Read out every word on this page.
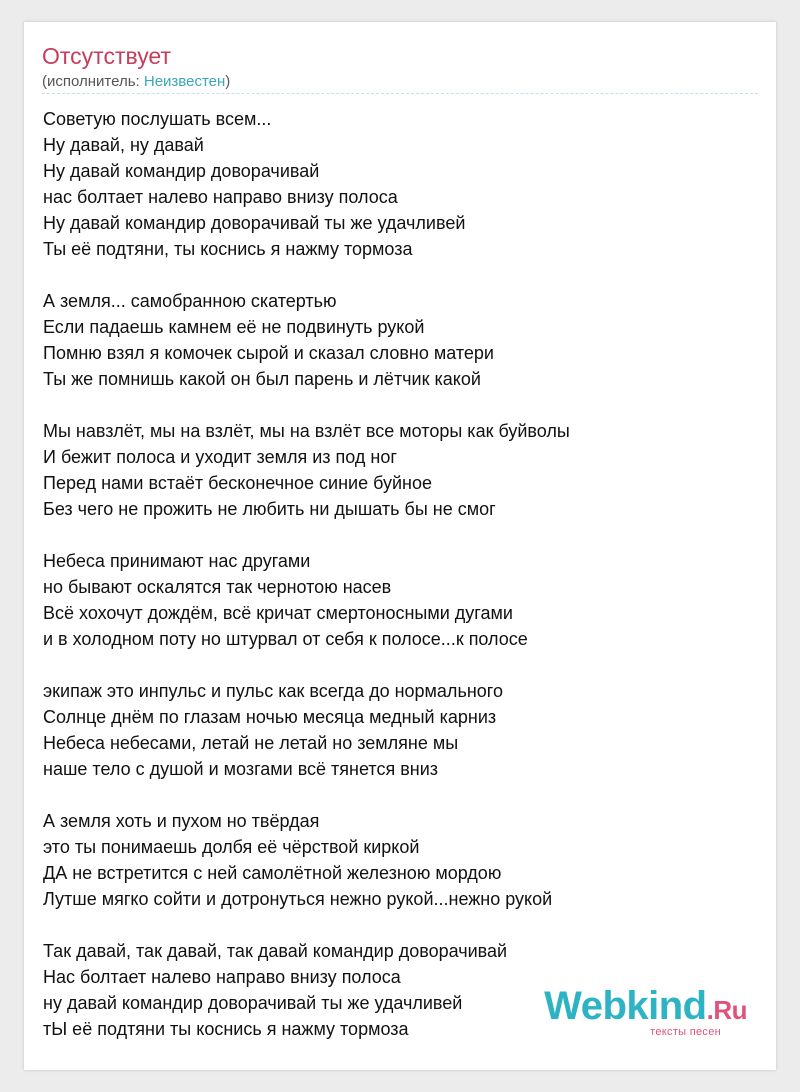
Отсутствует
(исполнитель: Неизвестен)
Советую послушать всем...
Ну давай, ну давай
Ну давай командир доворачивай
нас болтает налево направо внизу полоса
Ну давай командир доворачивай ты же удачливей
Ты её подтяни, ты коснись я нажму тормоза
А земля... самобранною скатертью
Если падаешь камнем её не подвинуть рукой
Помню взял я комочек сырой и сказал словно матери
Ты же помнишь какой он был парень и лётчик какой
Мы навзлёт, мы на взлёт, мы на взлёт все моторы как буйволы
И бежит полоса и уходит земля из под ног
Перед нами встаёт бесконечное синие буйное
Без чего не прожить не любить ни дышать бы не смог
Небеса принимают нас другами
но бывают оскалятся так чернотою насев
Всё хохочут дождём, всё кричат смертоносными дугами
и в холодном поту но штурвал от себя к полосе...к полосе
экипаж это инпульс и пульс как всегда до нормального
Солнце днём по глазам ночью месяца медный карниз
Небеса небесами, летай не летай но земляне мы
наше тело с душой и мозгами всё тянется вниз
А земля хоть и пухом но твёрдая
это ты понимаешь долбя её чёрствой киркой
ДА не встретится с ней самолётной железною мордою
Лутше мягко сойти и дотронуться нежно рукой...нежно рукой
Так давай, так давай, так давай командир доворачивай
Нас болтает налево направо внизу полоса
ну давай командир доворачивай ты же удачливей
тЫ её подтяни ты коснись я нажму тормоза
Webkind.Ru
тексты песен
